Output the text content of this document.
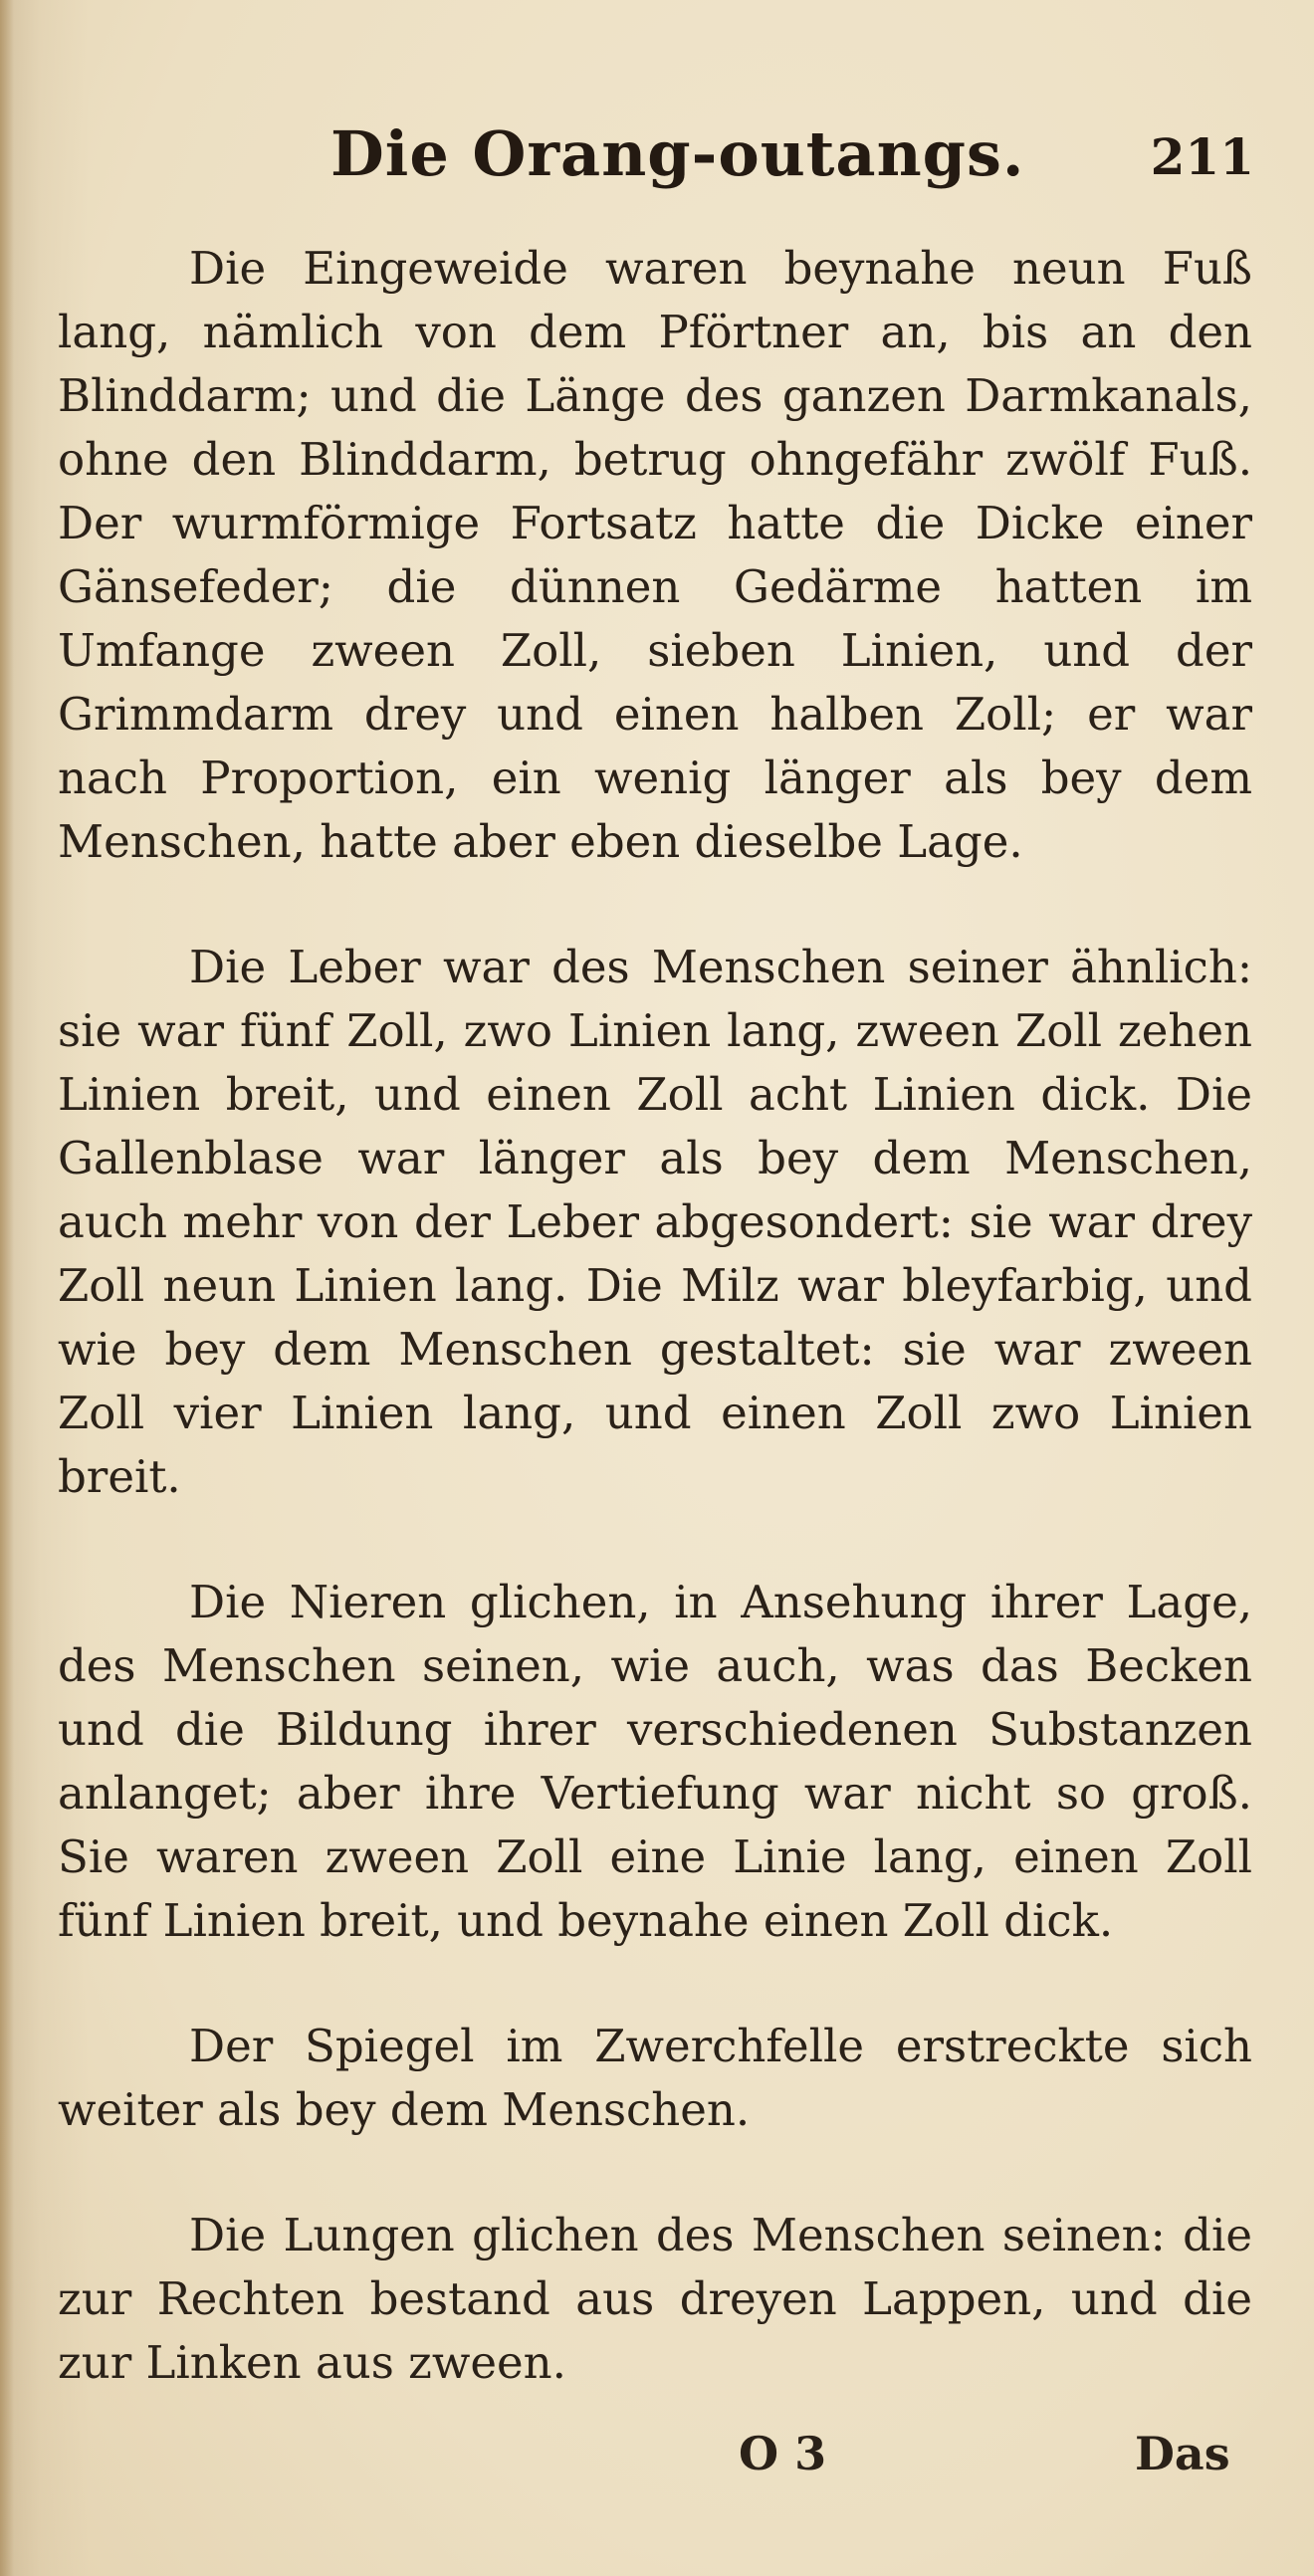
Die Orang-outangs.	211

Die Eingeweide waren beynahe neun Fuß lang, nämlich von dem Pförtner an, bis an den Blinddarm; und die Länge des ganzen Darmkanals, ohne den Blinddarm, betrug ohngefähr zwölf Fuß. Der wurmförmige Fortsatz hatte die Dicke einer Gänsefeder; die dünnen Gedärme hatten im Umfange zween Zoll, sieben Linien, und der Grimmdarm drey und einen halben Zoll; er war nach Proportion, ein wenig länger als bey dem Menschen, hatte aber eben dieselbe Lage.

Die Leber war des Menschen seiner ähnlich: sie war fünf Zoll, zwo Linien lang, zween Zoll zehen Linien breit, und einen Zoll acht Linien dick. Die Gallenblase war länger als bey dem Menschen, auch mehr von der Leber abgesondert: sie war drey Zoll neun Linien lang. Die Milz war bleyfarbig, und wie bey dem Menschen gestaltet: sie war zween Zoll vier Linien lang, und einen Zoll zwo Linien breit.

Die Nieren glichen, in Ansehung ihrer Lage, des Menschen seinen, wie auch, was das Becken und die Bildung ihrer verschiedenen Substanzen anlanget; aber ihre Vertiefung war nicht so groß. Sie waren zween Zoll eine Linie lang, einen Zoll fünf Linien breit, und beynahe einen Zoll dick.

Der Spiegel im Zwerchfelle erstreckte sich weiter als bey dem Menschen.

Die Lungen glichen des Menschen seinen: die zur Rechten bestand aus dreyen Lappen, und die zur Linken aus zween.

O 3	Das
